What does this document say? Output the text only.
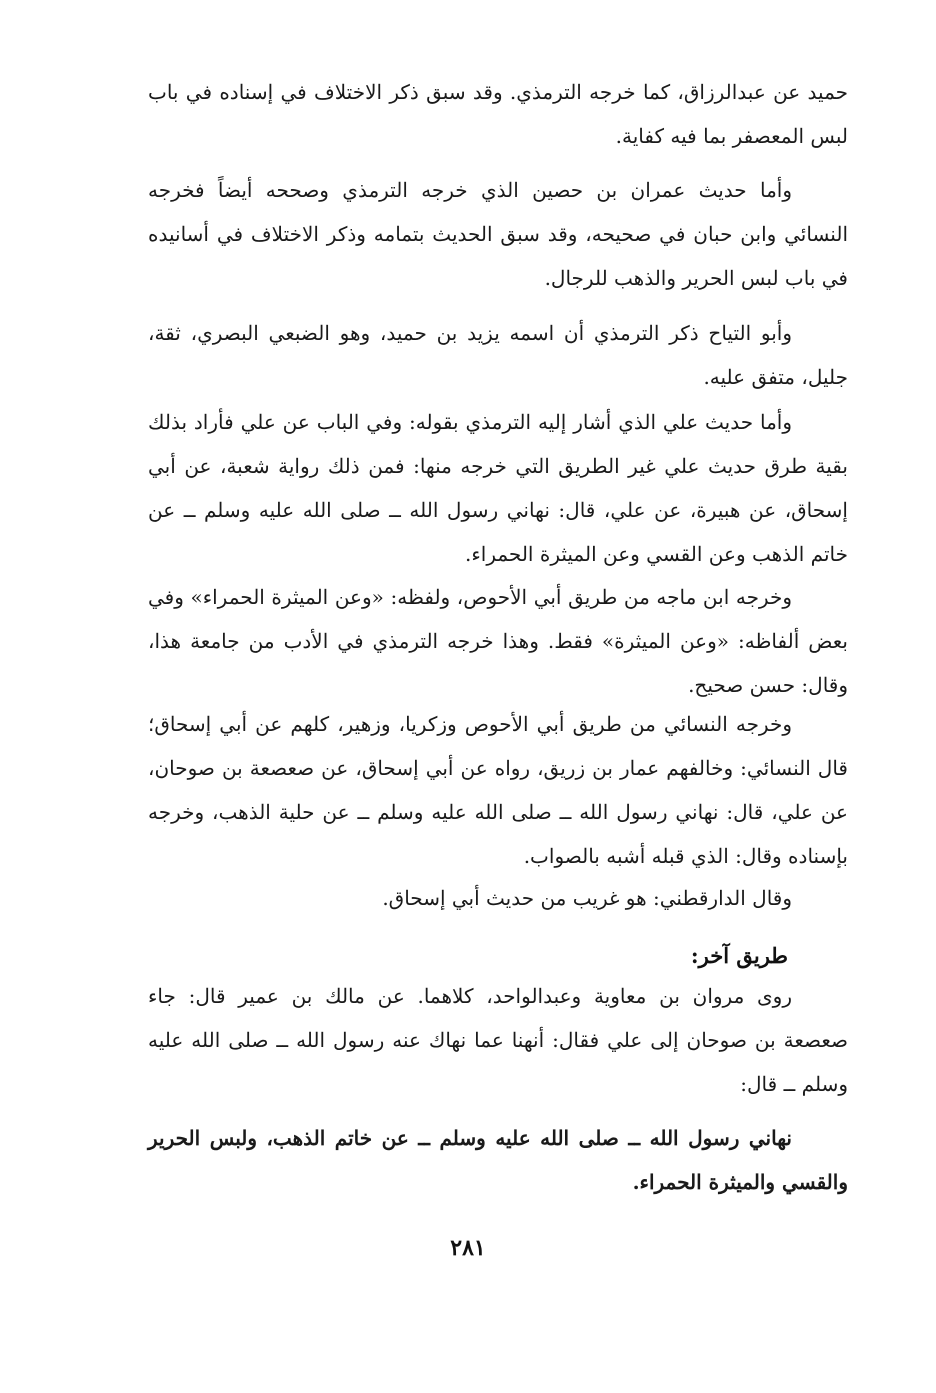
حميد عن عبدالرزاق، كما خرجه الترمذي. وقد سبق ذكر الاختلاف في إسناده في باب لبس المعصفر بما فيه كفاية.

وأما حديث عمران بن حصين الذي خرجه الترمذي وصححه أيضاً فخرجه النسائي وابن حبان في صحيحه، وقد سبق الحديث بتمامه وذكر الاختلاف في أسانيده في باب لبس الحرير والذهب للرجال.

وأبو التياح ذكر الترمذي أن اسمه يزيد بن حميد، وهو الضبعي البصري، ثقة، جليل، متفق عليه.

وأما حديث علي الذي أشار إليه الترمذي بقوله: وفي الباب عن علي فأراد بذلك بقية طرق حديث علي غير الطريق التي خرجه منها: فمن ذلك رواية شعبة، عن أبي إسحاق، عن هبيرة، عن علي، قال: نهاني رسول الله ــ صلى الله عليه وسلم ــ عن خاتم الذهب وعن القسي وعن الميثرة الحمراء.

وخرجه ابن ماجه من طريق أبي الأحوص، ولفظه: «وعن الميثرة الحمراء» وفي بعض ألفاظه: «وعن الميثرة» فقط. وهذا خرجه الترمذي في الأدب من جامعة هذا، وقال: حسن صحيح.

وخرجه النسائي من طريق أبي الأحوص وزكريا، وزهير، كلهم عن أبي إسحاق؛ قال النسائي: وخالفهم عمار بن زريق، رواه عن أبي إسحاق، عن صعصعة بن صوحان، عن علي، قال: نهاني رسول الله ــ صلى الله عليه وسلم ــ عن حلية الذهب، وخرجه بإسناده وقال: الذي قبله أشبه بالصواب.

وقال الدارقطني: هو غريب من حديث أبي إسحاق.

طريق آخر:

روى مروان بن معاوية وعبدالواحد، كلاهما. عن مالك بن عمير قال: جاء صعصعة بن صوحان إلى علي فقال: أنهنا عما نهاك عنه رسول الله ــ صلى الله عليه وسلم ــ قال:

نهاني رسول الله ــ صلى الله عليه وسلم ــ عن خاتم الذهب، ولبس الحرير والقسي والميثرة الحمراء.

٢٨١
